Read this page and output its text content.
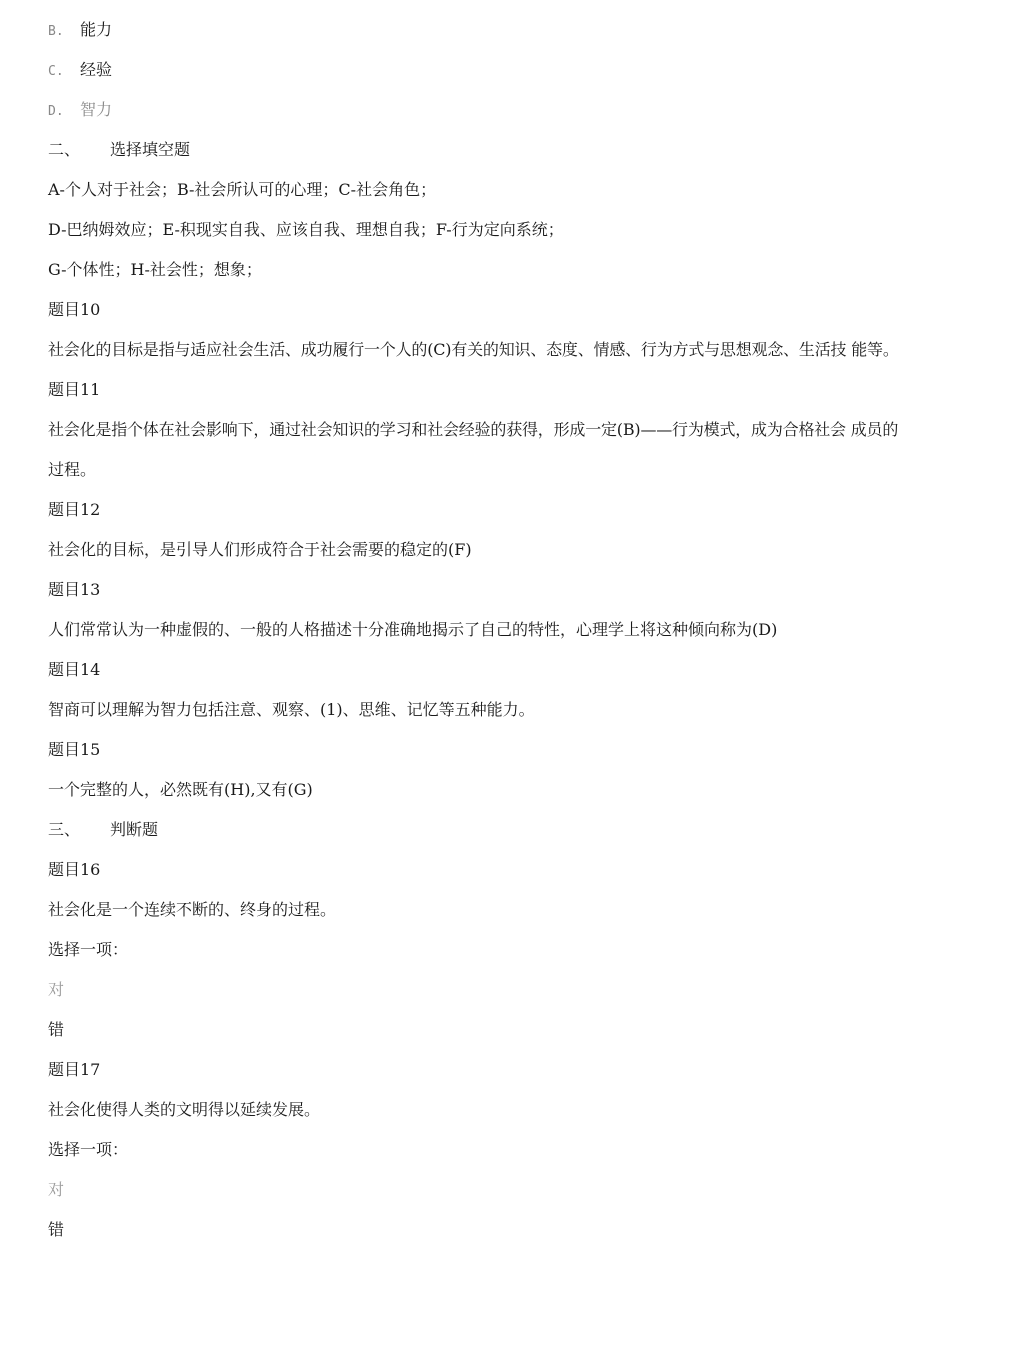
B. 能力
C. 经验
D. 智力
二、 选择填空题
A-个人对于社会；B-社会所认可的心理；C-社会角色；
D-巴纳姆效应；E-积现实自我、应该自我、理想自我；F-行为定向系统；
G-个体性；H-社会性；想象；
题目10
社会化的目标是指与适应社会生活、成功履行一个人的(C)有关的知识、态度、情感、行为方式与思想观念、生活技 能等。
题目11
社会化是指个体在社会影响下，通过社会知识的学习和社会经验的获得，形成一定(B)——行为模式，成为合格社会 成员的
过程。
题目12
社会化的目标，是引导人们形成符合于社会需要的稳定的(F)
题目13
人们常常认为一种虚假的、一般的人格描述十分准确地揭示了自己的特性，心理学上将这种倾向称为(D)
题目14
智商可以理解为智力包括注意、观察、(1)、思维、记忆等五种能力。
题目15
一个完整的人，必然既有(H),又有(G)
三、 判断题
题目16
社会化是一个连续不断的、终身的过程。
选择一项：
对
错
题目17
社会化使得人类的文明得以延续发展。
选择一项：
对
错
